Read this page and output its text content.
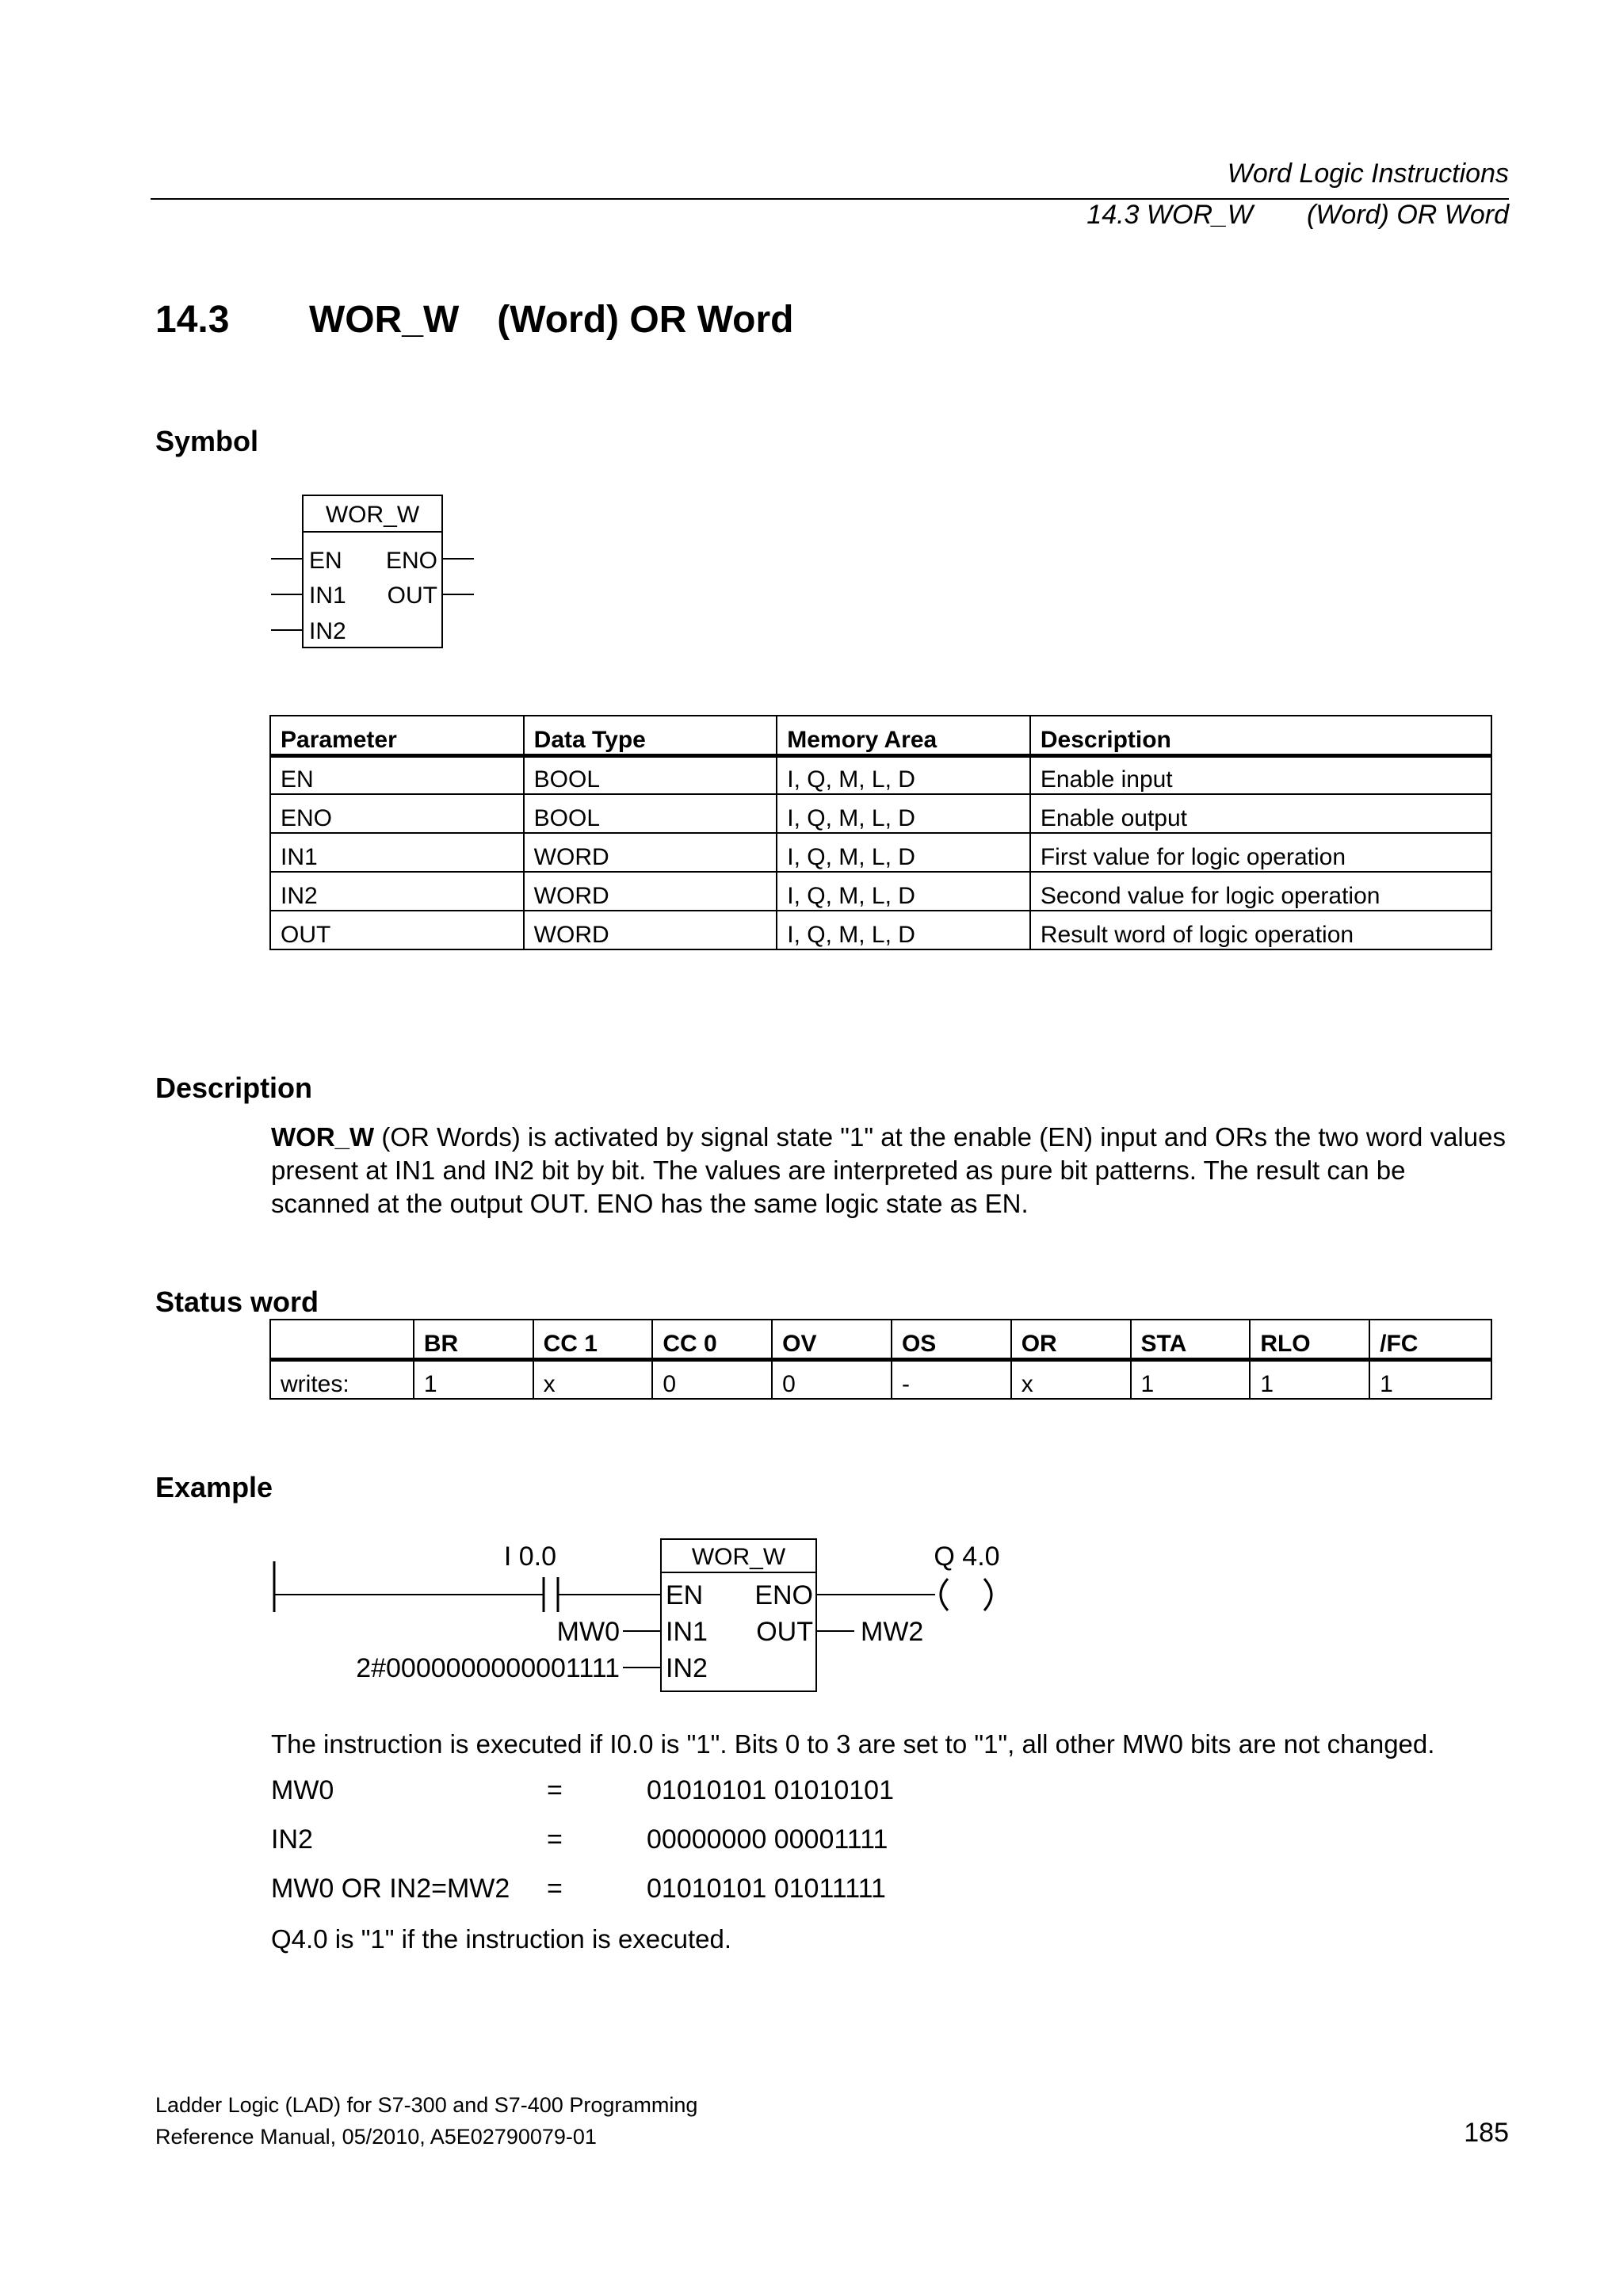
Word Logic Instructions
14.3 WOR_W  (Word) OR Word
14.3 WOR_W (Word) OR Word
Symbol
WOR_W
EN ENO
IN1 OUT
IN2
Parameter	Data Type	Memory Area	Description
EN	BOOL	I, Q, M, L, D	Enable input
ENO	BOOL	I, Q, M, L, D	Enable output
IN1	WORD	I, Q, M, L, D	First value for logic operation
IN2	WORD	I, Q, M, L, D	Second value for logic operation
OUT	WORD	I, Q, M, L, D	Result word of logic operation
Description
WOR_W (OR Words) is activated by signal state "1" at the enable (EN) input and ORs the two word values present at IN1 and IN2 bit by bit. The values are interpreted as pure bit patterns. The result can be scanned at the output OUT. ENO has the same logic state as EN.
Status word
	BR	CC 1	CC 0	OV	OS	OR	STA	RLO	/FC
writes:	1	x	0	0	-	x	1	1	1
Example
I 0.0	WOR_W
EN ENO
IN1 OUT
IN2
MW0
2#0000000000001111
MW2
Q 4.0
The instruction is executed if I0.0 is "1". Bits 0 to 3 are set to "1", all other MW0 bits are not changed.
MW0	=	01010101 01010101
IN2	=	00000000 00001111
MW0 OR IN2=MW2 =	01010101 01011111
Q4.0 is "1" if the instruction is executed.
Ladder Logic (LAD) for S7-300 and S7-400 Programming
Reference Manual, 05/2010, A5E02790079-01	185
